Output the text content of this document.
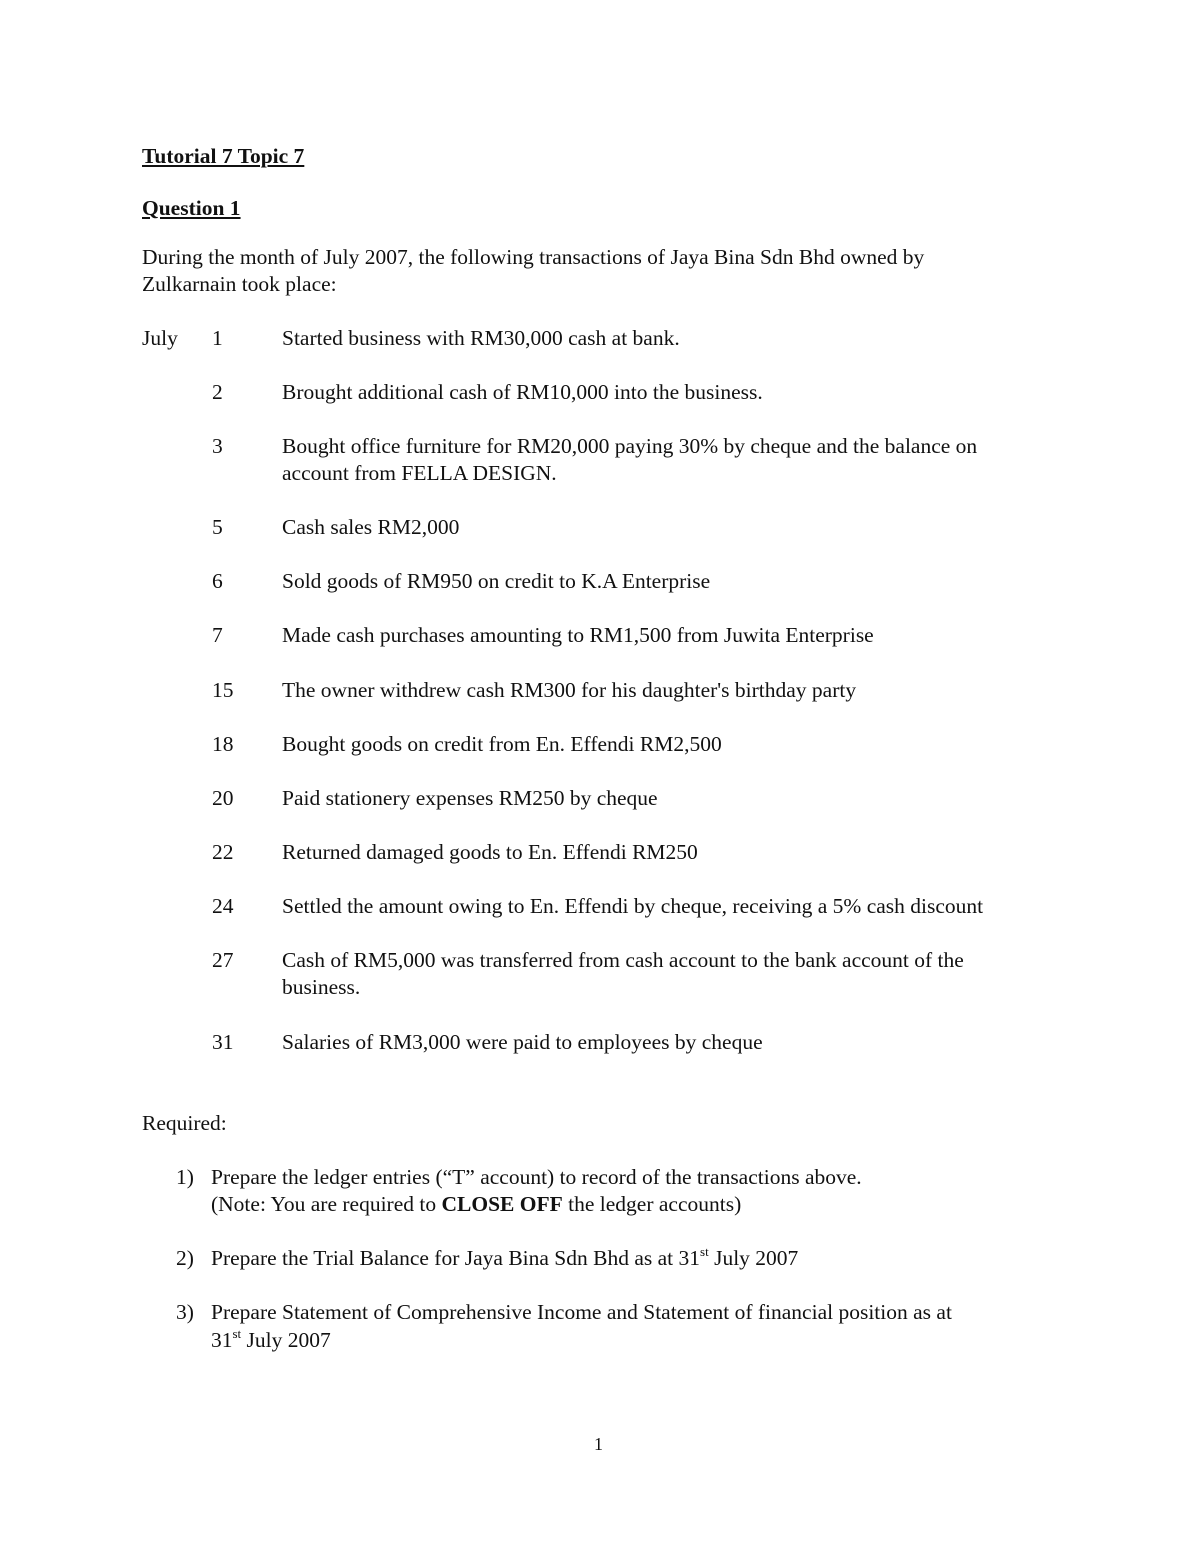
Tutorial 7 Topic 7
Question 1
During the month of July 2007, the following transactions of Jaya Bina Sdn Bhd owned by
Zulkarnain took place:
July 1	Started business with RM30,000 cash at bank.
2	Brought additional cash of RM10,000 into the business.
3	Bought office furniture for RM20,000 paying 30% by cheque and the balance on
account from FELLA DESIGN.
5	Cash sales RM2,000
6	Sold goods of RM950 on credit to K.A Enterprise
7	Made cash purchases amounting to RM1,500 from Juwita Enterprise
15 The owner withdrew cash RM300 for his daughter's birthday party
18 Bought goods on credit from En. Effendi RM2,500
20 Paid stationery expenses RM250 by cheque
22 Returned damaged goods to En. Effendi RM250
24 Settled the amount owing to En. Effendi by cheque, receiving a 5% cash discount
27 Cash of RM5,000 was transferred from cash account to the bank account of the
business.
31 Salaries of RM3,000 were paid to employees by cheque
Required:
1) Prepare the ledger entries (“T” account) to record of the transactions above.
(Note: You are required to CLOSE OFF the ledger accounts)
2) Prepare the Trial Balance for Jaya Bina Sdn Bhd as at 31st July 2007
3) Prepare Statement of Comprehensive Income and Statement of financial position as at
31st July 2007
1
